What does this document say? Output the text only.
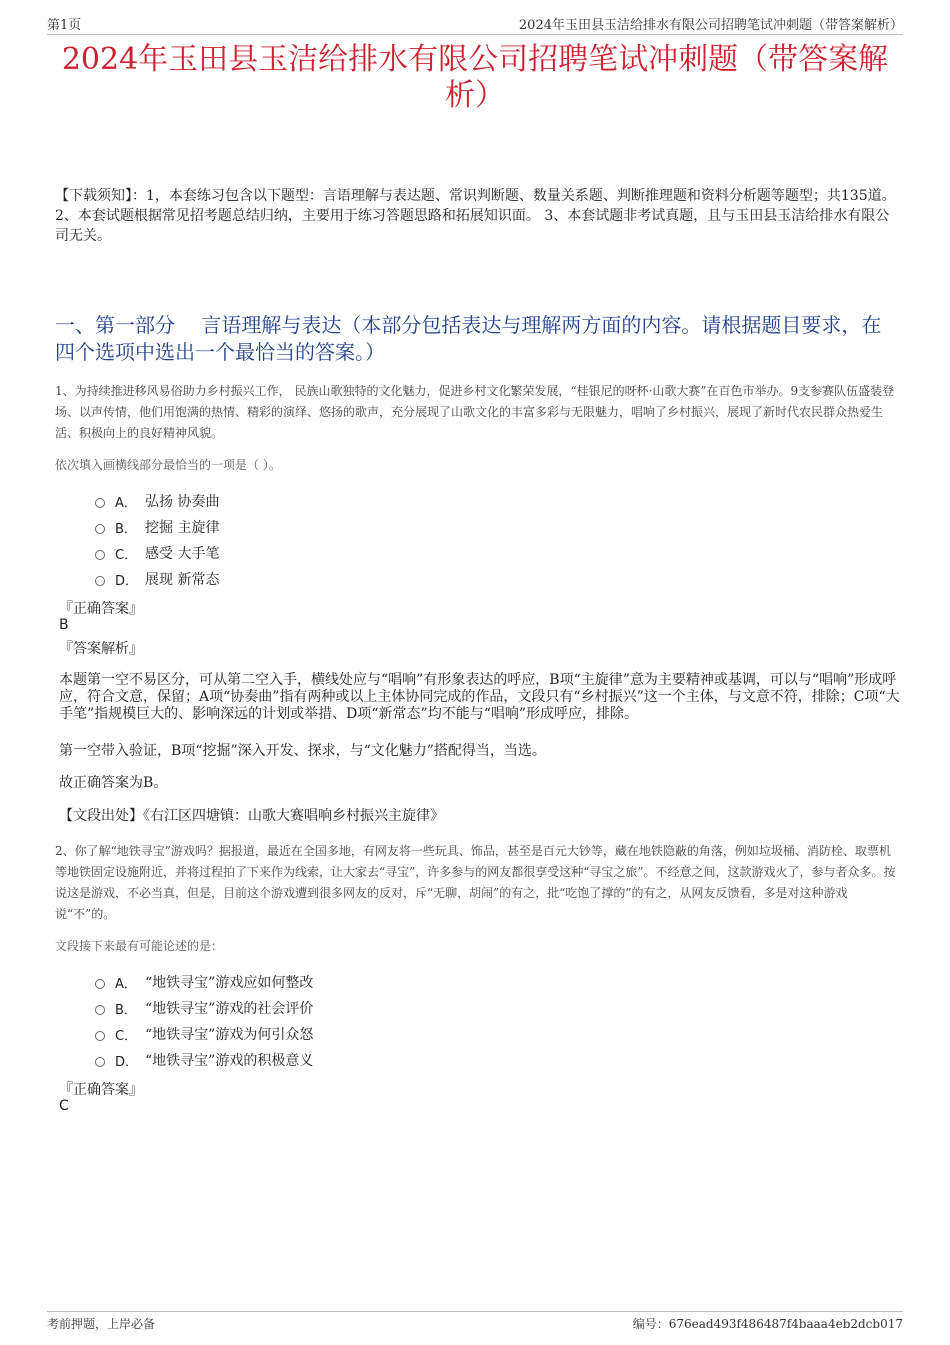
第1页	2024年玉田县玉洁给排水有限公司招聘笔试冲刺题（带答案解析）
2024年玉田县玉洁给排水有限公司招聘笔试冲刺题（带答案解析）
【下载须知】：1，本套练习包含以下题型：言语理解与表达题、常识判断题、数量关系题、判断推理题和资料分析题等题型；共135道。 2、本套试题根据常见招考题总结归纳，主要用于练习答题思路和拓展知识面。 3、本套试题非考试真题，且与玉田县玉洁给排水有限公司无关。
一、第一部分　 言语理解与表达（本部分包括表达与理解两方面的内容。请根据题目要求，在四个选项中选出一个最恰当的答案。）
1、为持续推进移风易俗助力乡村振兴工作， 民族山歌独特的文化魅力，促进乡村文化繁荣发展，“桂银尼的呀杯·山歌大赛”在百色市举办。9支参赛队伍盛装登场、以声传情，他们用饱满的热情、精彩的演绎、悠扬的歌声，充分展现了山歌文化的丰富多彩与无限魅力，唱响了乡村振兴，展现了新时代农民群众热爱生活、积极向上的良好精神风貌。
依次填入画横线部分最恰当的一项是（ ）。
A． 弘扬 协奏曲
B． 挖掘 主旋律
C． 感受 大手笔
D． 展现 新常态
『正确答案』
B
『答案解析』
本题第一空不易区分，可从第二空入手，横线处应与“唱响”有形象表达的呼应，B项“主旋律”意为主要精神或基调，可以与“唱响”形成呼应，符合文意，保留；A项“协奏曲”指有两种或以上主体协同完成的作品，文段只有“乡村振兴”这一个主体，与文意不符，排除；C项“大手笔”指规模巨大的、影响深远的计划或举措、D项“新常态”均不能与“唱响”形成呼应，排除。
第一空带入验证，B项“挖掘”深入开发、探求，与“文化魅力”搭配得当，当选。
故正确答案为B。
【文段出处】《右江区四塘镇：山歌大赛唱响乡村振兴主旋律》
2、你了解“地铁寻宝”游戏吗？据报道，最近在全国多地，有网友将一些玩具、饰品，甚至是百元大钞等，藏在地铁隐蔽的角落，例如垃圾桶、消防栓、取票机等地铁固定设施附近，并将过程拍了下来作为线索，让大家去“寻宝”，许多参与的网友都很享受这种“寻宝之旅”。不经意之间，这款游戏火了，参与者众多。按说这是游戏，不必当真，但是，目前这个游戏遭到很多网友的反对，斥“无聊，胡闹”的有之，批“吃饱了撑的”的有之，从网友反馈看，多是对这种游戏说“不”的。
文段接下来最有可能论述的是：
A． “地铁寻宝”游戏应如何整改
B． “地铁寻宝”游戏的社会评价
C． “地铁寻宝”游戏为何引众怒
D． “地铁寻宝”游戏的积极意义
『正确答案』
C
考前押题，上岸必备	编号：676ead493f486487f4baaa4eb2dcb017
